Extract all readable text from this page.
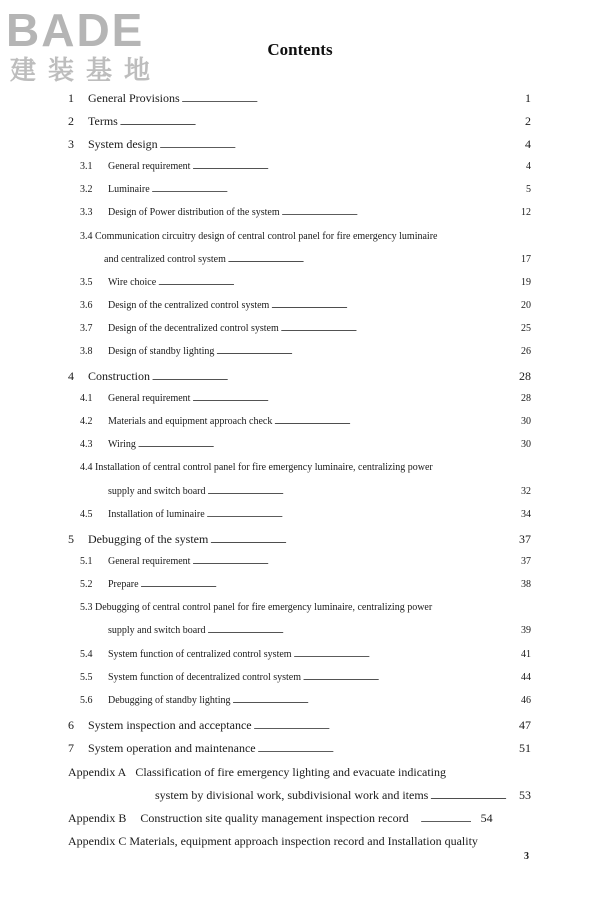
BADE
建装基地
Contents
1	General Provisions . . .	1
2	Terms . . .	2
3	System design . . .	4
3.1	General requirement . . .	4
3.2	Luminaire . . .	5
3.3	Design of Power distribution of the system . . .	12
3.4 Communication circuitry design of central control panel for fire emergency luminaire
and centralized control system . . .	17
3.5	Wire choice . . .	19
3.6	Design of the centralized control system . . .	20
3.7	Design of the decentralized control system . . .	25
3.8	Design of standby lighting . . .	26
4	Construction . . .	28
4.1	General requirement . . .	28
4.2	Materials and equipment approach check . . .	30
4.3	Wiring . . .	30
4.4 Installation of central control panel for fire emergency luminaire, centralizing power
supply and switch board . . .	32
4.5	Installation of luminaire . . .	34
5	Debugging of the system . . .	37
5.1	General requirement . . .	37
5.2	Prepare . . .	38
5.3 Debugging of central control panel for fire emergency luminaire, centralizing power
supply and switch board . . .	39
5.4	System function of centralized control system . . .	41
5.5	System function of decentralized control system . . .	44
5.6	Debugging of standby lighting . . .	46
6	System inspection and acceptance . . .	47
7	System operation and maintenance . . .	51
Appendix A Classification of fire emergency lighting and evacuate indicating
system by divisional work, subdivisional work and items . . .	53
Appendix B Construction site quality management inspection record . . .	54
Appendix C Materials, equipment approach inspection record and Installation quality
3
